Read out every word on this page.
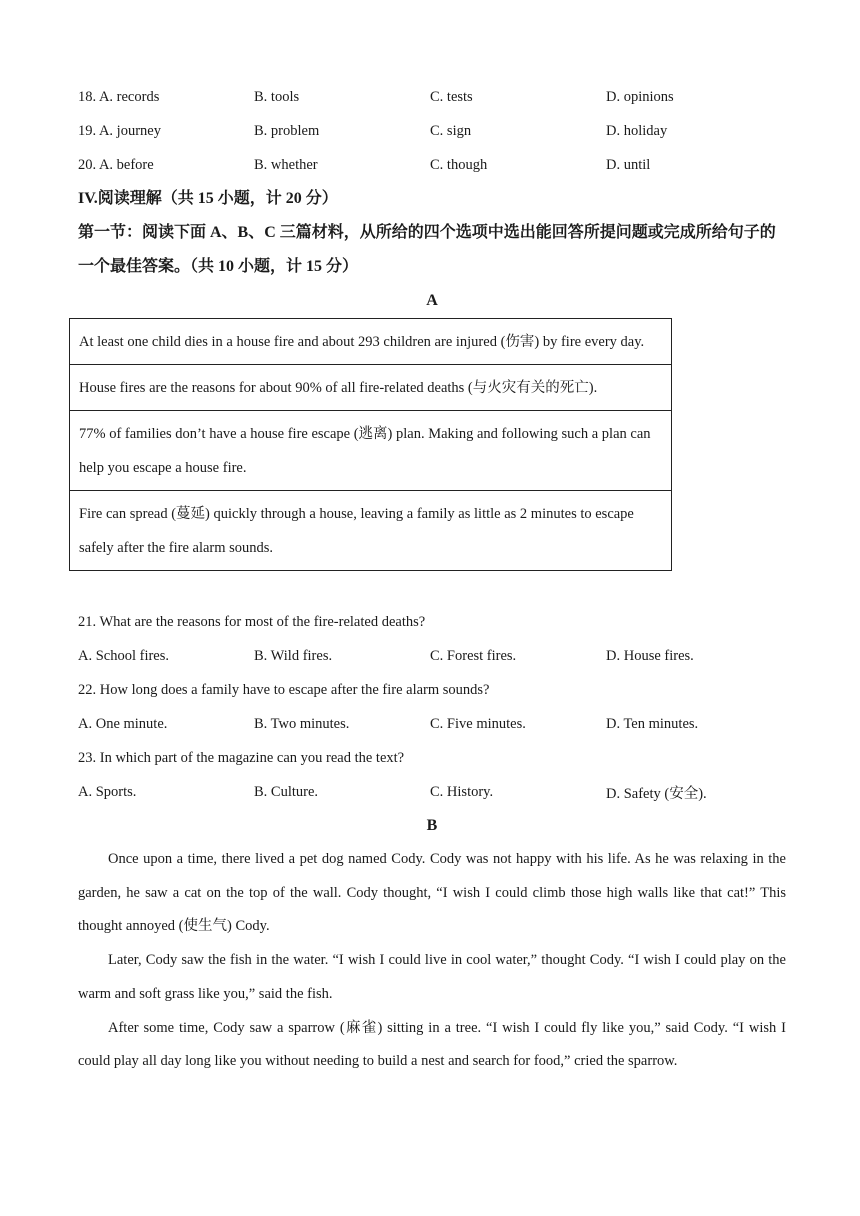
18. A. records	B. tools	C. tests	D. opinions
19. A. journey	B. problem	C. sign	D. holiday
20. A. before	B. whether	C. though	D. until
IV.阅读理解（共 15 小题，计 20 分）
第一节：阅读下面 A、B、C 三篇材料，从所给的四个选项中选出能回答所提问题或完成所给句子的一个最佳答案。（共 10 小题，计 15 分）
A
At least one child dies in a house fire and about 293 children are injured (伤害) by fire every day.
House fires are the reasons for about 90% of all fire-related deaths (与火灾有关的死亡).
77% of families don’t have a house fire escape (逃离) plan. Making and following such a plan can help you escape a house fire.
Fire can spread (蔓延) quickly through a house, leaving a family as little as 2 minutes to escape safely after the fire alarm sounds.
21. What are the reasons for most of the fire-related deaths?
A. School fires.	B. Wild fires.	C. Forest fires.	D. House fires.
22. How long does a family have to escape after the fire alarm sounds?
A. One minute.	B. Two minutes.	C. Five minutes.	D. Ten minutes.
23. In which part of the magazine can you read the text?
A. Sports.	B. Culture.	C. History.	D. Safety (安全).
B

Once upon a time, there lived a pet dog named Cody. Cody was not happy with his life. As he was relaxing in the garden, he saw a cat on the top of the wall. Cody thought, “I wish I could climb those high walls like that cat!” This thought annoyed (使生气) Cody.

Later, Cody saw the fish in the water. “I wish I could live in cool water,” thought Cody. “I wish I could play on the warm and soft grass like you,” said the fish.

After some time, Cody saw a sparrow (麻雀) sitting in a tree. “I wish I could fly like you,” said Cody. “I wish I could play all day long like you without needing to build a nest and search for food,” cried the sparrow.
